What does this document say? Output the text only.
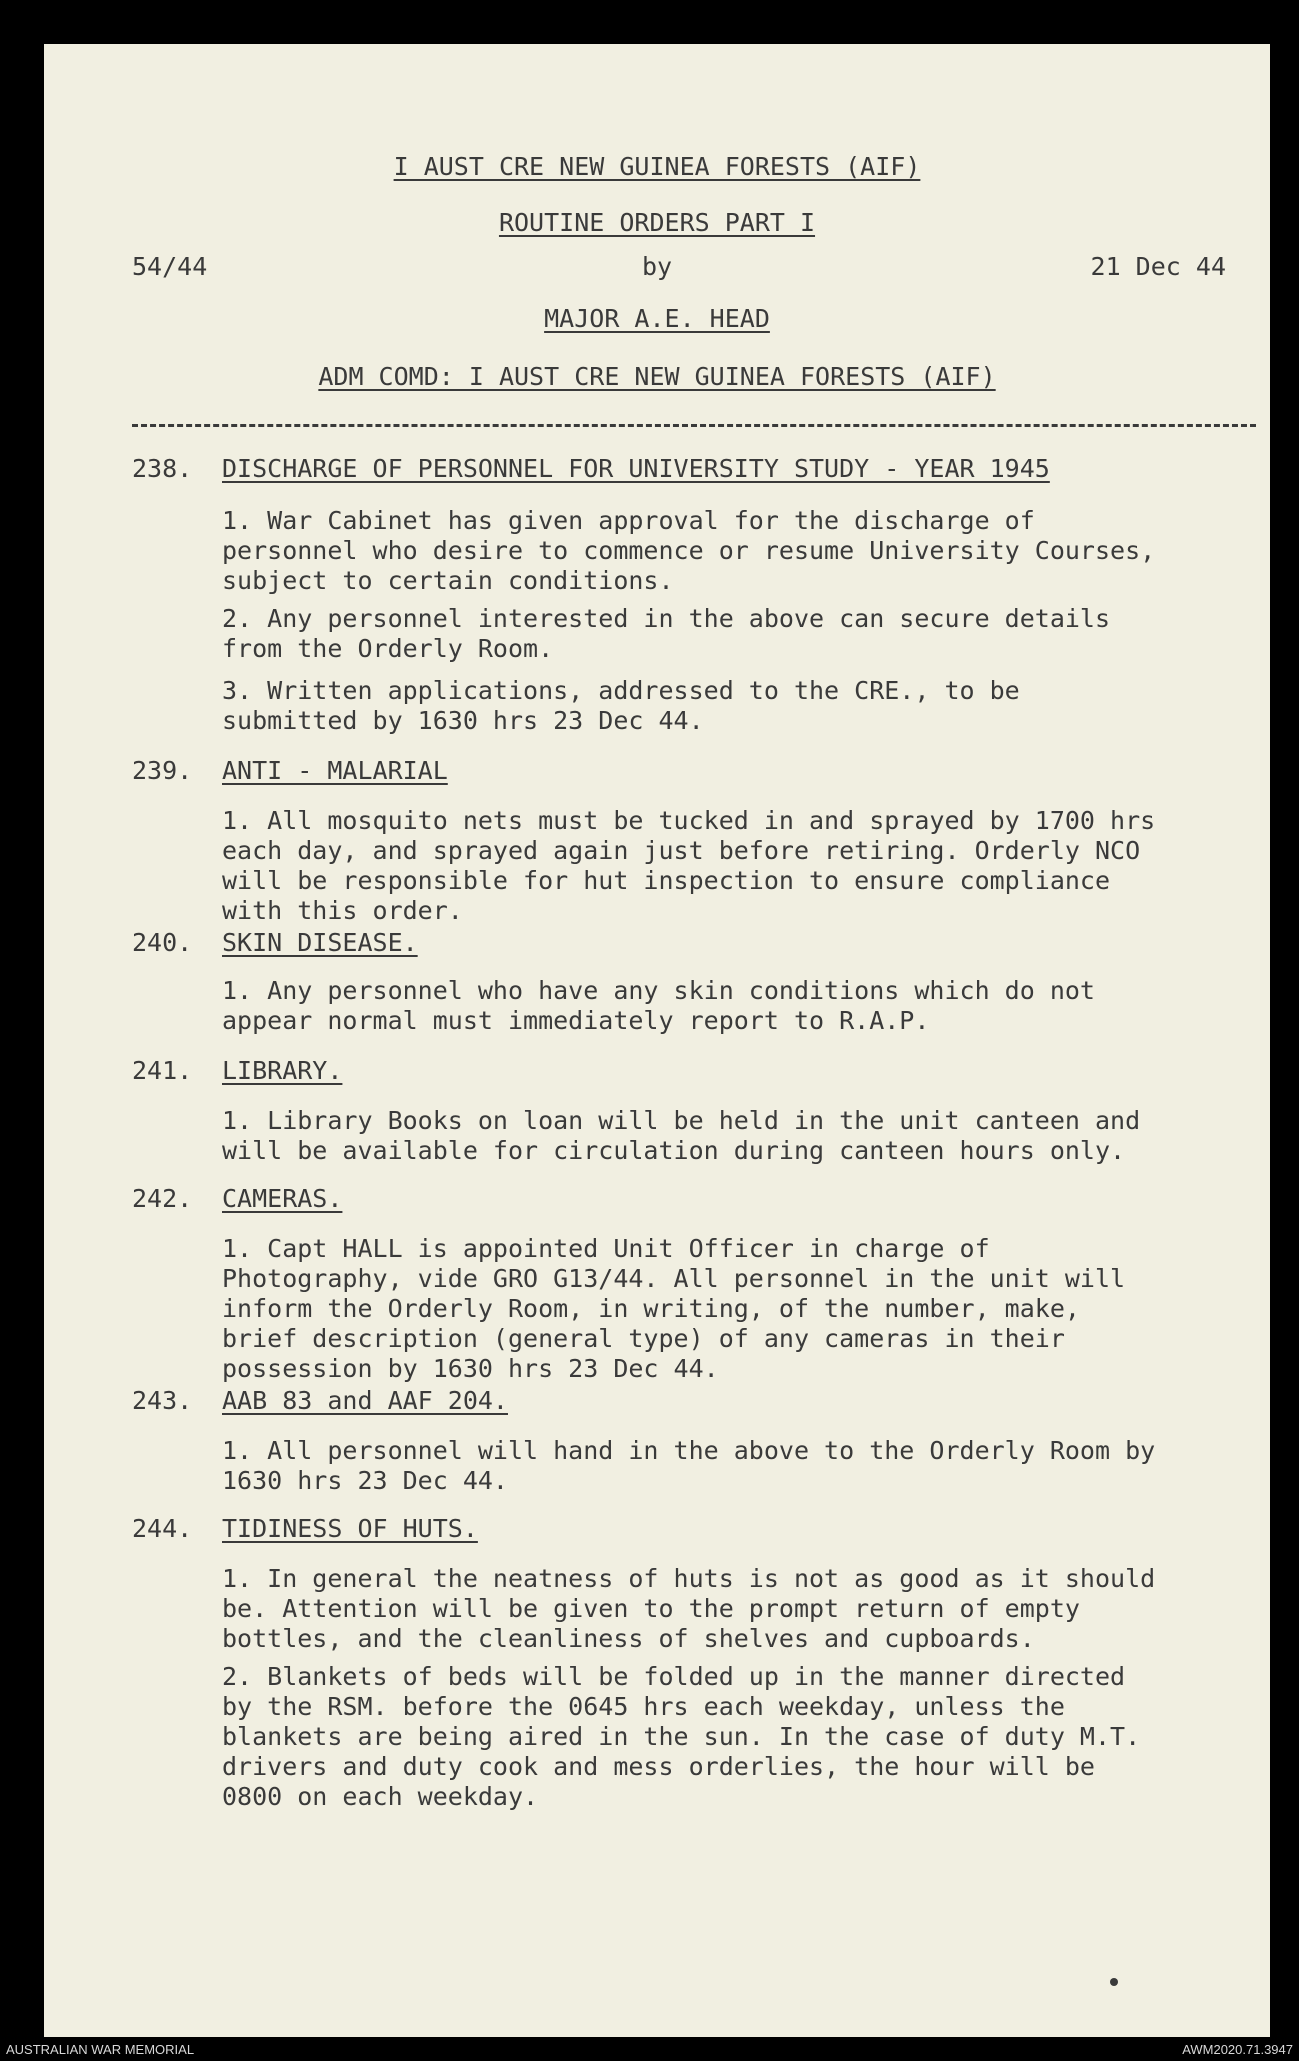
I AUST CRE NEW GUINEA FORESTS (AIF)
ROUTINE ORDERS PART I
54/44	by	21 Dec 44
MAJOR A.E. HEAD
ADM COMD: I AUST CRE NEW GUINEA FORESTS (AIF)
238.	DISCHARGE OF PERSONNEL FOR UNIVERSITY STUDY - YEAR 1945
1. War Cabinet has given approval for the discharge of personnel who desire to commence or resume University Courses, subject to certain conditions.
2. Any personnel interested in the above can secure details from the Orderly Room.
3. Written applications, addressed to the CRE., to be submitted by 1630 hrs 23 Dec 44.
239.	ANTI - MALARIAL
1. All mosquito nets must be tucked in and sprayed by 1700 hrs each day, and sprayed again just before retiring. Orderly NCO will be responsible for hut inspection to ensure compliance with this order.
240.	SKIN DISEASE.
1. Any personnel who have any skin conditions which do not appear normal must immediately report to R.A.P.
241.	LIBRARY.
1. Library Books on loan will be held in the unit canteen and will be available for circulation during canteen hours only.
242.	CAMERAS.
1. Capt HALL is appointed Unit Officer in charge of Photography, vide GRO G13/44. All personnel in the unit will inform the Orderly Room, in writing, of the number, make, brief description (general type) of any cameras in their possession by 1630 hrs 23 Dec 44.
243.	AAB 83 and AAF 204.
1. All personnel will hand in the above to the Orderly Room by 1630 hrs 23 Dec 44.
244.	TIDINESS OF HUTS.
1. In general the neatness of huts is not as good as it should be. Attention will be given to the prompt return of empty bottles, and the cleanliness of shelves and cupboards.
2. Blankets of beds will be folded up in the manner directed by the RSM. before the 0645 hrs each weekday, unless the blankets are being aired in the sun. In the case of duty M.T. drivers and duty cook and mess orderlies, the hour will be 0800 on each weekday.
AUSTRALIAN WAR MEMORIAL	AWM2020.71.3947
